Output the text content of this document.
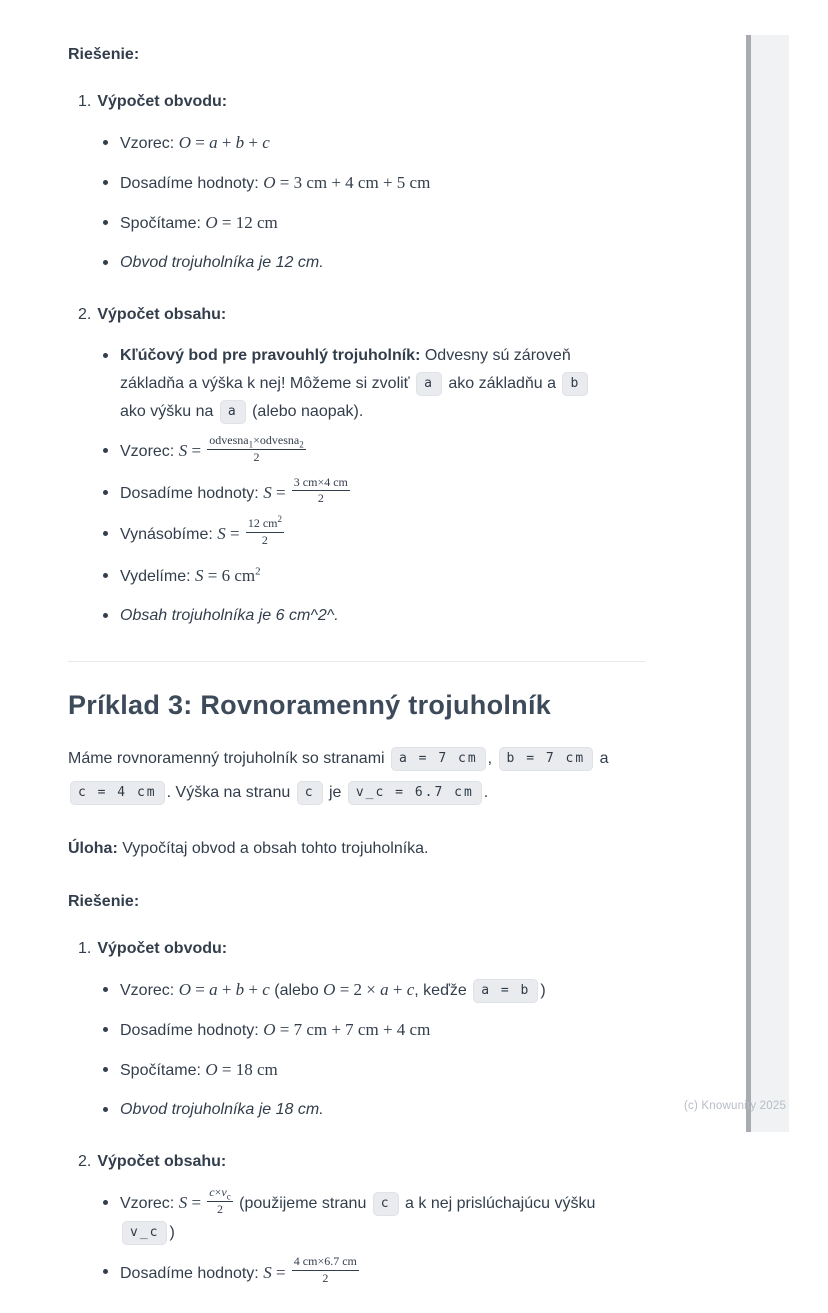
Riešenie:

1. Výpočet obvodu:
Vzorec: O = a + b + c
Dosadíme hodnoty: O = 3 cm + 4 cm + 5 cm
Spočítame: O = 12 cm
Obvod trojuholníka je 12 cm.
2. Výpočet obsahu:
Kľúčový bod pre pravouhlý trojuholník: Odvesny sú zároveň
základňa a výška k nej! Môžeme si zvoliť a ako základňu a b
ako výšku na a (alebo naopak).
Vzorec: $S = \frac{odvesna_1\times odvesna_2}{2}$
Dosadíme hodnoty: $S = \frac{3 cm\times 4 cm}{2}$
Vynásobíme: $S = \frac{12 cm^2}{2}$
Vydelíme: S = 6 $cm^2$
Obsah trojuholníka je 6 cm^2^.
Príklad 3: Rovnoramenný trojuholník

Máme rovnoramenný trojuholník so stranami a = 7 cm , b = 7 cm a
c = 4 cm . Výška na stranu c je v_c = 6.7 cm .

Úloha: Vypočítaj obvod a obsah tohto trojuholníka.

Riešenie:

1. Výpočet obvodu:
Vzorec: O = a + b + c (alebo O = 2 × a + c, keďže a = b )
Dosadíme hodnoty: O = 7 cm + 7 cm + 4 cm
Spočítame: O = 18 cm
Obvod trojuholníka je 18 cm.
2. Výpočet obsahu:
Vzorec: $S = \frac{c\times v_c}{2}$ (použijeme stranu c a k nej prislúchajúcu výšku
v_c )
Dosadíme hodnoty: $S = \frac{4 cm\times 6.7 cm}{2}$
(c) Knowunity 2025
